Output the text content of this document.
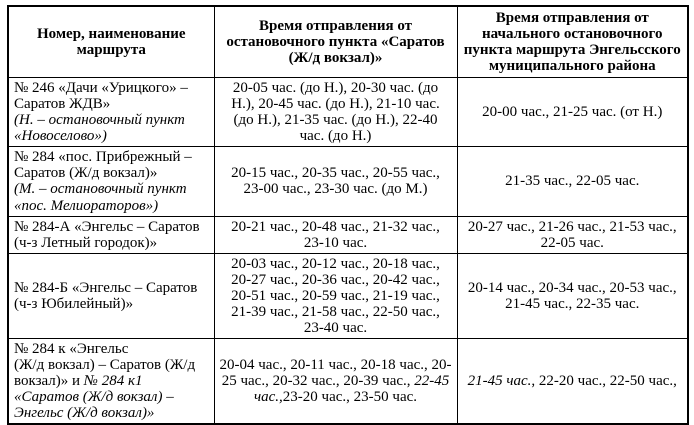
Номер, наименование маршрута	Время отправления от остановочного пункта «Саратов (Ж/д вокзал)»	Время отправления от начального остановочного пункта маршрута Энгельсского муниципального района

№ 246 «Дачи «Урицкого» – Саратов ЖДВ»
(Н. – остановочный пункт «Новоселово»)	20-05 час. (до Н.), 20-30 час. (до Н.), 20-45 час. (до Н.), 21-10 час. (до Н.), 21-35 час. (до Н.), 22-40 час. (до Н.)	20-00 час., 21-25 час. (от Н.)

№ 284 «пос. Прибрежный – Саратов (Ж/д вокзал)»
(М. – остановочный пункт «пос. Мелиораторов»)	20-15 час., 20-35 час., 20-55 час., 23-00 час., 23-30 час. (до М.)	21-35 час., 22-05 час.

№ 284-А «Энгельс – Саратов (ч-з Летный городок)»	20-21 час., 20-48 час., 21-32 час., 23-10 час.	20-27 час., 21-26 час., 21-53 час., 22-05 час.

№ 284-Б «Энгельс – Саратов (ч-з Юбилейный)»	20-03 час., 20-12 час., 20-18 час., 20-27 час., 20-36 час., 20-42 час., 20-51 час., 20-59 час., 21-19 час., 21-39 час., 21-58 час., 22-50 час., 23-40 час.	20-14 час., 20-34 час., 20-53 час., 21-45 час., 22-35 час.

№ 284 к «Энгельс
(Ж/д вокзал) – Саратов (Ж/д вокзал)» и № 284 к1 «Саратов (Ж/д вокзал) – Энгельс (Ж/д вокзал)»	20-04 час., 20-11 час., 20-18 час., 20-25 час., 20-32 час., 20-39 час., 22-45 час.,23-20 час., 23-50 час.	21-45 час., 22-20 час., 22-50 час.,
